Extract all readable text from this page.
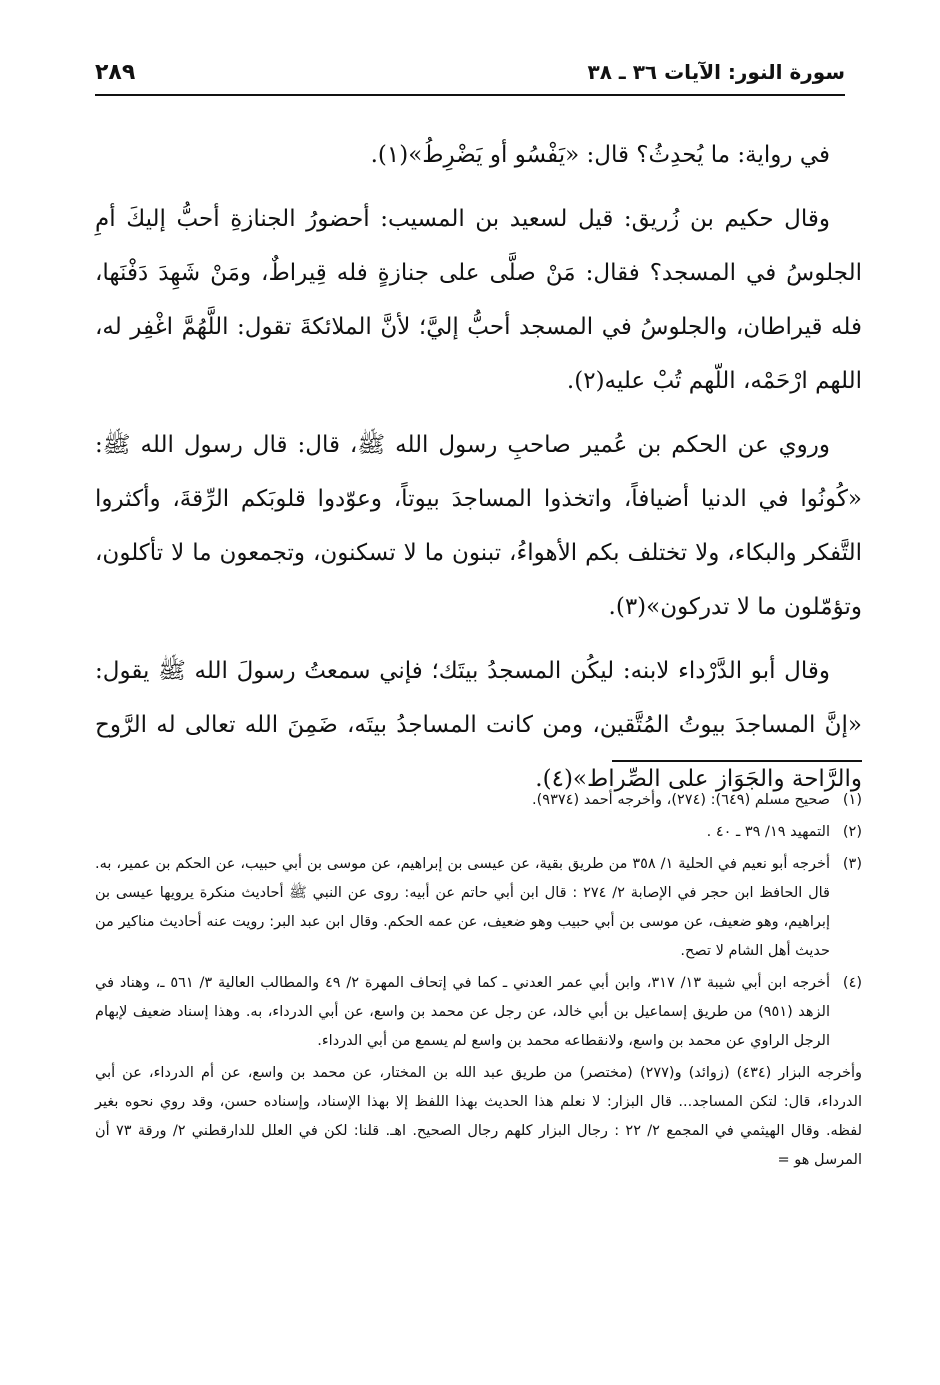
سورة النور: الآيات ٣٦ ـ ٣٨
٢٨٩

في رواية: ما يُحدِثُ؟ قال: «يَفْسُو أو يَضْرِطُ»(١).

وقال حكيم بن زُريق: قيل لسعيد بن المسيب: أحضورُ الجنازةِ أحبُّ إليكَ أمِ الجلوسُ في المسجد؟ فقال: مَنْ صلَّى على جنازةٍ فله قِيراطٌ، ومَنْ شَهِدَ دَفْنَها، فله قيراطان، والجلوسُ في المسجد أحبُّ إليَّ؛ لأنَّ الملائكةَ تقول: اللَّهُمَّ اغْفِر له، اللهم ارْحَمْه، اللّهم تُبْ عليه(٢).

وروي عن الحكم بن عُمير صاحبِ رسول الله ﷺ، قال: قال رسول الله ﷺ: «كُونُوا في الدنيا أضيافاً، واتخذوا المساجدَ بيوتاً، وعوّدوا قلوبَكم الرِّقةَ، وأكثروا التَّفكر والبكاء، ولا تختلف بكم الأهواءُ، تبنون ما لا تسكنون، وتجمعون ما لا تأكلون، وتؤمّلون ما لا تدركون»(٣).

وقال أبو الدَّرْداء لابنه: ليكُن المسجدُ بيتَك؛ فإني سمعتُ رسولَ الله ﷺ يقول: «إنَّ المساجدَ بيوتُ المُتَّقين، ومن كانت المساجدُ بيتَه، ضَمِنَ الله تعالى له الرَّوح والرَّاحة والجَوَاز على الصِّراط»(٤).

(١)صحيح مسلم (٦٤٩): (٢٧٤)، وأخرجه أحمد (٩٣٧٤).

(٢)التمهيد ١٩/ ٣٩ ـ ٤٠ .

(٣)أخرجه أبو نعيم في الحلية ١/ ٣٥٨ من طريق بقية، عن عيسى بن إبراهيم، عن موسى بن أبي حبيب، عن الحكم بن عمير، به. قال الحافظ ابن حجر في الإصابة ٢/ ٢٧٤ : قال ابن أبي حاتم عن أبيه: روى عن النبي ﷺ أحاديث منكرة يرويها عيسى بن إبراهيم، وهو ضعيف، عن موسى بن أبي حبيب وهو ضعيف، عن عمه الحكم. وقال ابن عبد البر: رويت عنه أحاديث مناكير من حديث أهل الشام لا تصح.

(٤)أخرجه ابن أبي شيبة ١٣/ ٣١٧، وابن أبي عمر العدني ـ كما في إتحاف المهرة ٢/ ٤٩ والمطالب العالية ٣/ ٥٦١ ـ، وهناد في الزهد (٩٥١) من طريق إسماعيل بن أبي خالد، عن رجل عن محمد بن واسع، عن أبي الدرداء، به. وهذا إسناد ضعيف لإبهام الرجل الراوي عن محمد بن واسع، ولانقطاعه محمد بن واسع لم يسمع من أبي الدرداء.

وأخرجه البزار (٤٣٤) (زوائد) و(٢٧٧) (مختصر) من طريق عبد الله بن المختار، عن محمد بن واسع، عن أم الدرداء، عن أبي الدرداء، قال: لتكن المساجد... قال البزار: لا نعلم هذا الحديث بهذا اللفظ إلا بهذا الإسناد، وإسناده حسن، وقد روي نحوه بغير لفظه. وقال الهيثمي في المجمع ٢/ ٢٢ : رجال البزار كلهم رجال الصحيح. اهـ. قلنا: لكن في العلل للدارقطني ٢/ ورقة ٧٣ أن المرسل هو =
